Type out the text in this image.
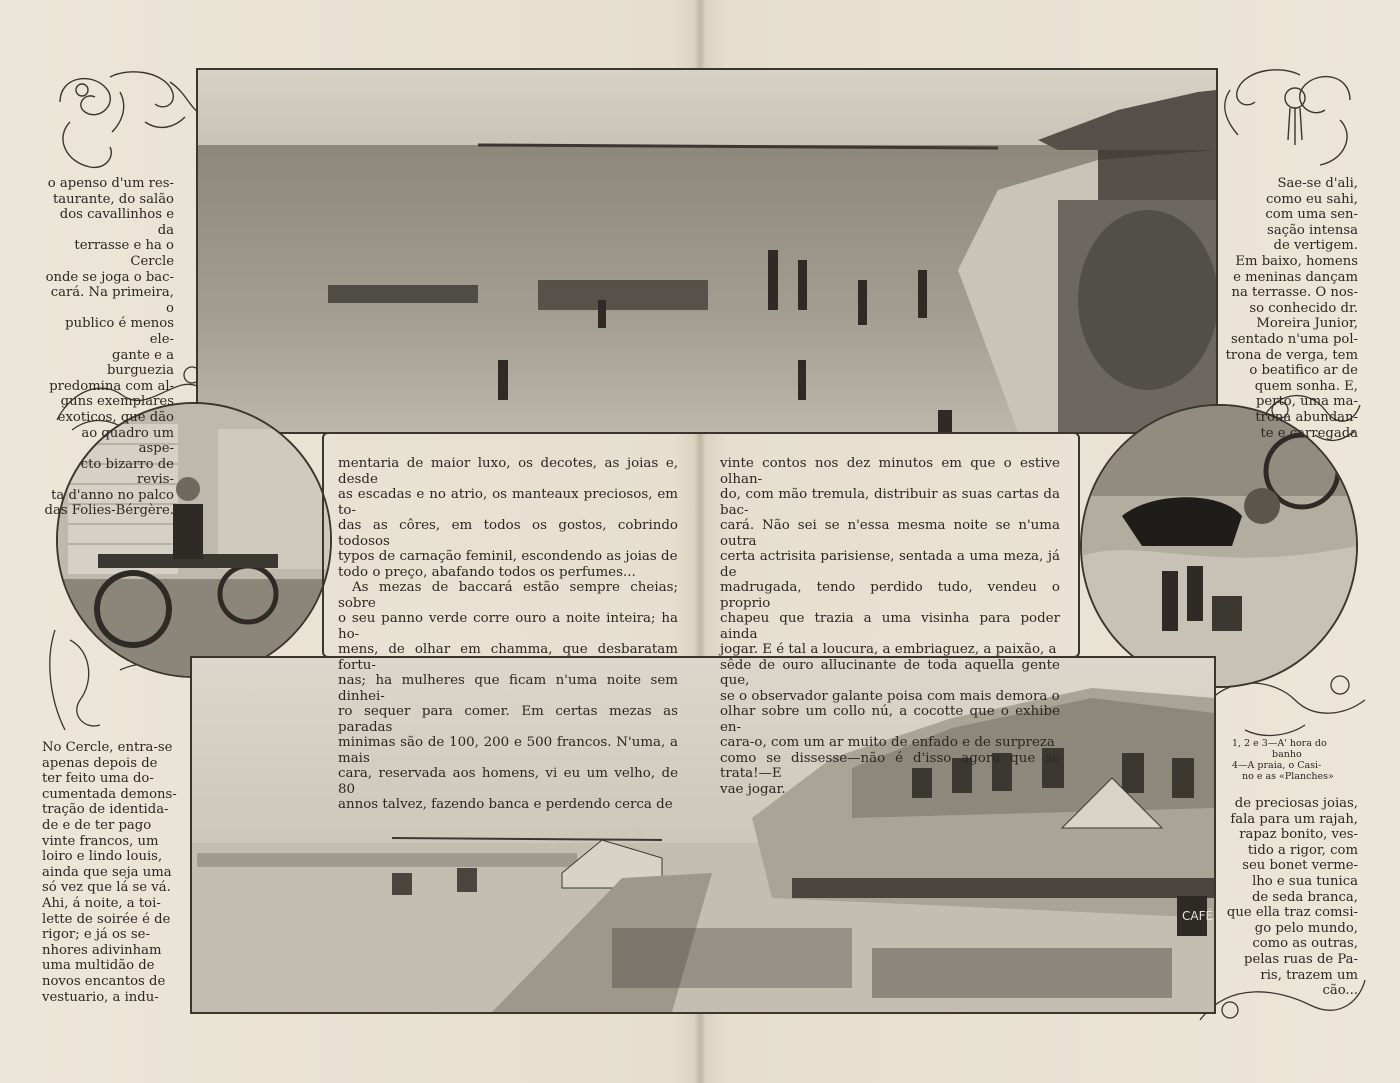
CAFÉ

o apenso d'um res-

taurante, do salão

dos cavallinhos e da

terrasse e ha o Cercle

onde se joga o bac-

cará. Na primeira, o

publico é menos ele-

gante e a burguezia

predomina com al-

guns exemplares

exoticos, que dão

ao quadro um aspe-

cto bizarro de revis-

ta d'anno no palco

das Folies-Bérgère.

No Cercle, entra-se

apenas depois de

ter feito uma do-

cumentada demons-

tração de identida-

de e de ter pago

vinte francos, um

loiro e lindo louis,

ainda que seja uma

só vez que lá se vá.

Ahi, á noite, a toi-

lette de soirée é de

rigor; e já os se-

nhores adivinham

uma multidão de

novos encantos de

vestuario, a indu-

mentaria de maior luxo, os decotes, as joias e, desde

as escadas e no atrio, os manteaux preciosos, em to-

das as côres, em todos os gostos, cobrindo todosos

typos de carnação feminil, escondendo as joias de

todo o preço, abafando todos os perfumes...

As mezas de baccará estão sempre cheias; sobre

o seu panno verde corre ouro a noite inteira; ha ho-

mens, de olhar em chamma, que desbaratam fortu-

nas; ha mulheres que ficam n'uma noite sem dinhei-

ro sequer para comer. Em certas mezas as paradas

minimas são de 100, 200 e 500 francos. N'uma, a mais

cara, reservada aos homens, vi eu um velho, de 80

annos talvez, fazendo banca e perdendo cerca de

vinte contos nos dez minutos em que o estive olhan-

do, com mão tremula, distribuir as suas cartas da bac-

cará. Não sei se n'essa mesma noite se n'uma outra

certa actrisita parisiense, sentada a uma meza, já de

madrugada, tendo perdido tudo, vendeu o proprio

chapeu que trazia a uma visinha para poder ainda

jogar. E é tal a loucura, a embriaguez, a paixão, a

sêde de ouro allucinante de toda aquella gente que,

se o observador galante poisa com mais demora o

olhar sobre um collo nú, a cocotte que o exhibe en-

cara-o, com um ar muito de enfado e de surpreza

como se dissesse—não é d'isso agora que se trata!—E

vae jogar.

Sae-se d'ali,

como eu sahi,

com uma sen-

sação intensa

de vertigem.

Em baixo, homens

e meninas dançam

na terrasse. O nos-

so conhecido dr.

Moreira Junior,

sentado n'uma pol-

trona de verga, tem

o beatifico ar de

quem sonha. E,

perto, uma ma-

trona abundan-

te e carregada

1, 2 e 3—A' hora do
banho
4—A praia, o Casi-
no e as «Planches»

de preciosas joias,

fala para um rajah,

rapaz bonito, ves-

tido a rigor, com

seu bonet verme-

lho e sua tunica

de seda branca,

que ella traz comsi-

go pelo mundo,

como as outras,

pelas ruas de Pa-

ris, trazem um

cão...
